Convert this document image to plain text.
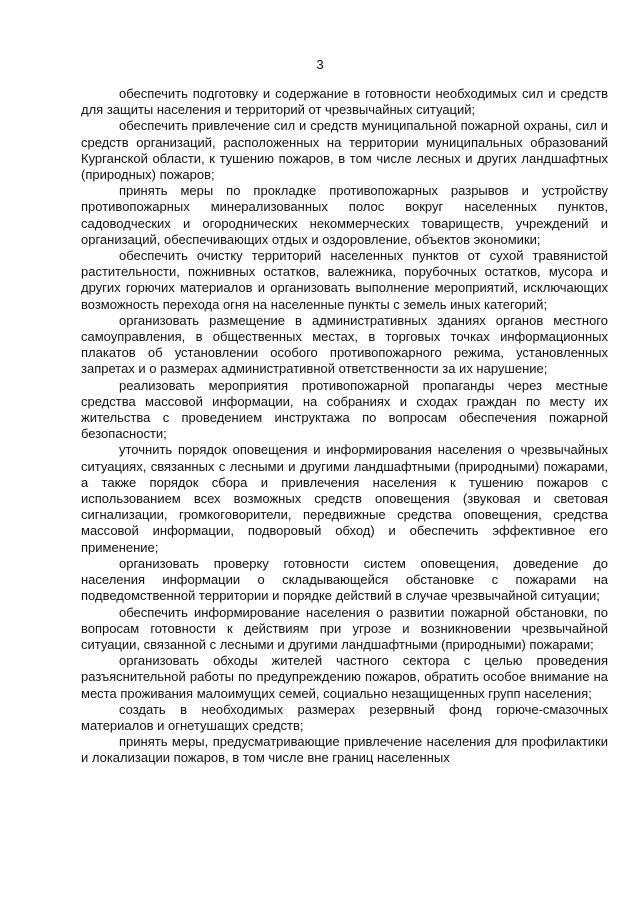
3

обеспечить подготовку и содержание в готовности необходимых сил и средств для защиты населения и территорий от чрезвычайных ситуаций;

обеспечить привлечение сил и средств муниципальной пожарной охраны, сил и средств организаций, расположенных на территории муниципальных образований Курганской области, к тушению пожаров, в том числе лесных и других ландшафтных (природных) пожаров;

принять меры по прокладке противопожарных разрывов и устройству противопожарных минерализованных полос вокруг населенных пунктов, садоводческих и огороднических некоммерческих товариществ, учреждений и организаций, обеспечивающих отдых и оздоровление, объектов экономики;

обеспечить очистку территорий населенных пунктов от сухой травянистой растительности, пожнивных остатков, валежника, порубочных остатков, мусора и других горючих материалов и организовать выполнение мероприятий, исключающих возможность перехода огня на населенные пункты с земель иных категорий;

организовать размещение в административных зданиях органов местного самоуправления, в общественных местах, в торговых точках информационных плакатов об установлении особого противопожарного режима, установленных запретах и о размерах административной ответственности за их нарушение;

реализовать мероприятия противопожарной пропаганды через местные средства массовой информации, на собраниях и сходах граждан по месту их жительства с проведением инструктажа по вопросам обеспечения пожарной безопасности;

уточнить порядок оповещения и информирования населения о чрезвычайных ситуациях, связанных с лесными и другими ландшафтными (природными) пожарами, а также порядок сбора и привлечения населения к тушению пожаров с использованием всех возможных средств оповещения (звуковая и световая сигнализации, громкоговорители, передвижные средства оповещения, средства массовой информации, подворовый обход) и обеспечить эффективное его применение;

организовать проверку готовности систем оповещения, доведение до населения информации о складывающейся обстановке с пожарами на подведомственной территории и порядке действий в случае чрезвычайной ситуации;

обеспечить информирование населения о развитии пожарной обстановки, по вопросам готовности к действиям при угрозе и возникновении чрезвычайной ситуации, связанной с лесными и другими ландшафтными (природными) пожарами;

организовать обходы жителей частного сектора с целью проведения разъяснительной работы по предупреждению пожаров, обратить особое внимание на места проживания малоимущих семей, социально незащищенных групп населения;

создать в необходимых размерах резервный фонд горюче-смазочных материалов и огнетушащих средств;

принять меры, предусматривающие привлечение населения для профилактики и локализации пожаров, в том числе вне границ населенных
